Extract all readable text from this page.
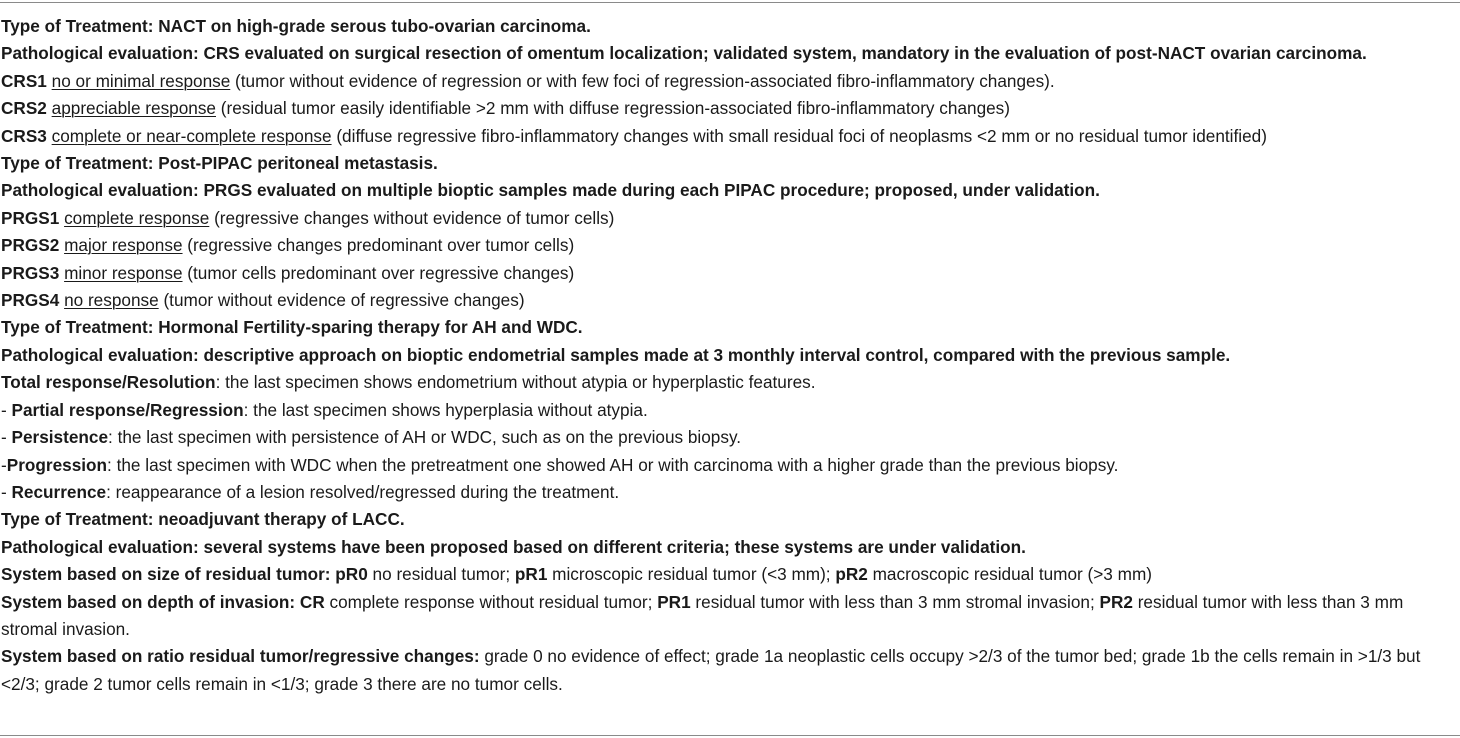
Type of Treatment: NACT on high-grade serous tubo-ovarian carcinoma.
Pathological evaluation: CRS evaluated on surgical resection of omentum localization; validated system, mandatory in the evaluation of post-NACT ovarian carcinoma.
CRS1 no or minimal response (tumor without evidence of regression or with few foci of regression-associated fibro-inflammatory changes).
CRS2 appreciable response (residual tumor easily identifiable >2 mm with diffuse regression-associated fibro-inflammatory changes)
CRS3 complete or near-complete response (diffuse regressive fibro-inflammatory changes with small residual foci of neoplasms <2 mm or no residual tumor identified)
Type of Treatment: Post-PIPAC peritoneal metastasis.
Pathological evaluation: PRGS evaluated on multiple bioptic samples made during each PIPAC procedure; proposed, under validation.
PRGS1 complete response (regressive changes without evidence of tumor cells)
PRGS2 major response (regressive changes predominant over tumor cells)
PRGS3 minor response (tumor cells predominant over regressive changes)
PRGS4 no response (tumor without evidence of regressive changes)
Type of Treatment: Hormonal Fertility-sparing therapy for AH and WDC.
Pathological evaluation: descriptive approach on bioptic endometrial samples made at 3 monthly interval control, compared with the previous sample.
Total response/Resolution: the last specimen shows endometrium without atypia or hyperplastic features.
- Partial response/Regression: the last specimen shows hyperplasia without atypia.
- Persistence: the last specimen with persistence of AH or WDC, such as on the previous biopsy.
-Progression: the last specimen with WDC when the pretreatment one showed AH or with carcinoma with a higher grade than the previous biopsy.
- Recurrence: reappearance of a lesion resolved/regressed during the treatment.
Type of Treatment: neoadjuvant therapy of LACC.
Pathological evaluation: several systems have been proposed based on different criteria; these systems are under validation.
System based on size of residual tumor: pR0 no residual tumor; pR1 microscopic residual tumor (<3 mm); pR2 macroscopic residual tumor (>3 mm)
System based on depth of invasion: CR complete response without residual tumor; PR1 residual tumor with less than 3 mm stromal invasion; PR2 residual tumor with less than 3 mm stromal invasion.
System based on ratio residual tumor/regressive changes: grade 0 no evidence of effect; grade 1a neoplastic cells occupy >2/3 of the tumor bed; grade 1b the cells remain in >1/3 but <2/3; grade 2 tumor cells remain in <1/3; grade 3 there are no tumor cells.
